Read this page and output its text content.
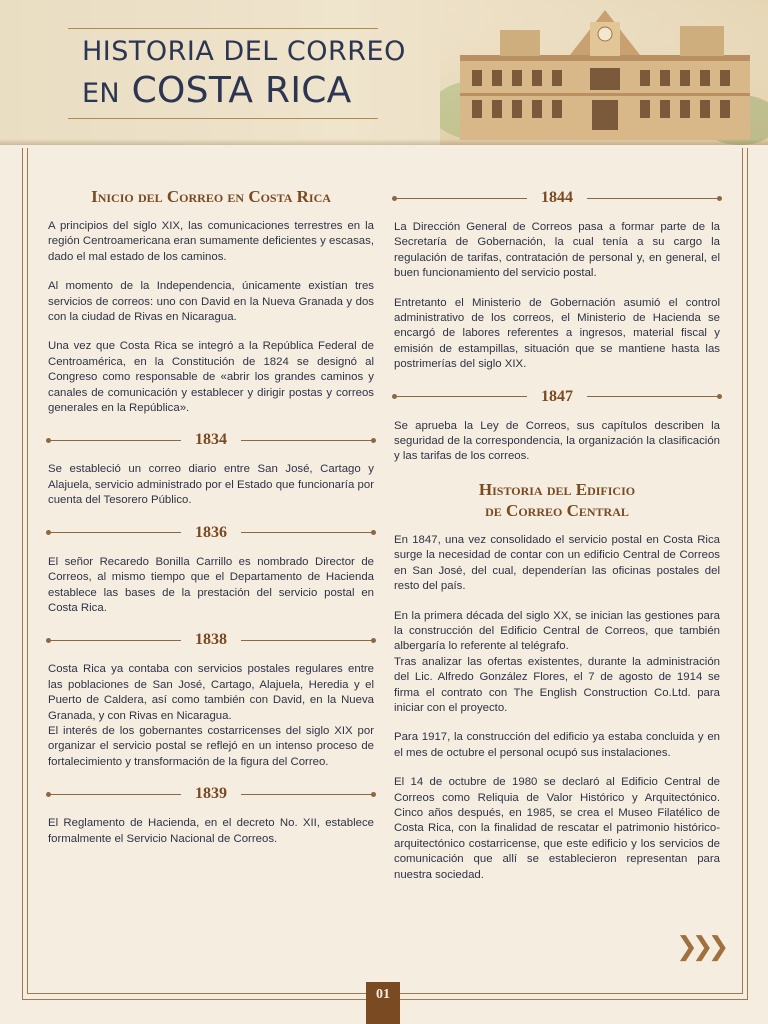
HISTORIA DEL CORREO
EN COSTA RICA
Inicio del Correo en Costa Rica

A principios del siglo XIX, las comunicaciones terrestres en la región Centroamericana eran sumamente deficientes y escasas, dado el mal estado de los caminos.

Al momento de la Independencia, únicamente existían tres servicios de correos: uno con David en la Nueva Granada y dos con la ciudad de Rivas en Nicaragua.

Una vez que Costa Rica se integró a la República Federal de Centroamérica, en la Constitución de 1824 se designó al Congreso como responsable de «abrir los grandes caminos y canales de comunicación y establecer y dirigir postas y correos generales en la República».

1834

Se estableció un correo diario entre San José, Cartago y Alajuela, servicio administrado por el Estado que funcionaría por cuenta del Tesorero Público.

1836

El señor Recaredo Bonilla Carrillo es nombrado Director de Correos, al mismo tiempo que el Departamento de Hacienda establece las bases de la prestación del servicio postal en Costa Rica.

1838

Costa Rica ya contaba con servicios postales regulares entre las poblaciones de San José, Cartago, Alajuela, Heredia y el Puerto de Caldera, así como también con David, en la Nueva Granada, y con Rivas en Nicaragua.

El interés de los gobernantes costarricenses del siglo XIX por organizar el servicio postal se reflejó en un intenso proceso de fortalecimiento y transformación de la figura del Correo.

1839

El Reglamento de Hacienda, en el decreto No. XII, establece formalmente el Servicio Nacional de Correos.

1844

La Dirección General de Correos pasa a formar parte de la Secretaría de Gobernación, la cual tenía a su cargo la regulación de tarifas, contratación de personal y, en general, el buen funcionamiento del servicio postal.

Entretanto el Ministerio de Gobernación asumió el control administrativo de los correos, el Ministerio de Hacienda se encargó de labores referentes a ingresos, material fiscal y emisión de estampillas, situación que se mantiene hasta las postrimerías del siglo XIX.

1847

Se aprueba la Ley de Correos, sus capítulos describen la seguridad de la correspondencia, la organización la clasificación y las tarifas de los correos.

Historia del Edificio
de Correo Central

En 1847, una vez consolidado el servicio postal en Costa Rica surge la necesidad de contar con un edificio Central de Correos en San José, del cual, dependerían las oficinas postales del resto del país.

En la primera década del siglo XX, se inician las gestiones para la construcción del Edificio Central de Correos, que también albergaría lo referente al telégrafo.

Tras analizar las ofertas existentes, durante la administración del Lic. Alfredo González Flores, el 7 de agosto de 1914 se firma el contrato con The English Construction Co.Ltd. para iniciar con el proyecto.

Para 1917, la construcción del edificio ya estaba concluida y en el mes de octubre el personal ocupó sus instalaciones.

El 14 de octubre de 1980 se declaró al Edificio Central de Correos como Reliquia de Valor Histórico y Arquitectónico. Cinco años después, en 1985, se crea el Museo Filatélico de Costa Rica, con la finalidad de rescatar el patrimonio histórico-arquitectónico costarricense, que este edificio y los servicios de comunicación que allí se establecieron representan para nuestra sociedad.

❯❯❯
01
